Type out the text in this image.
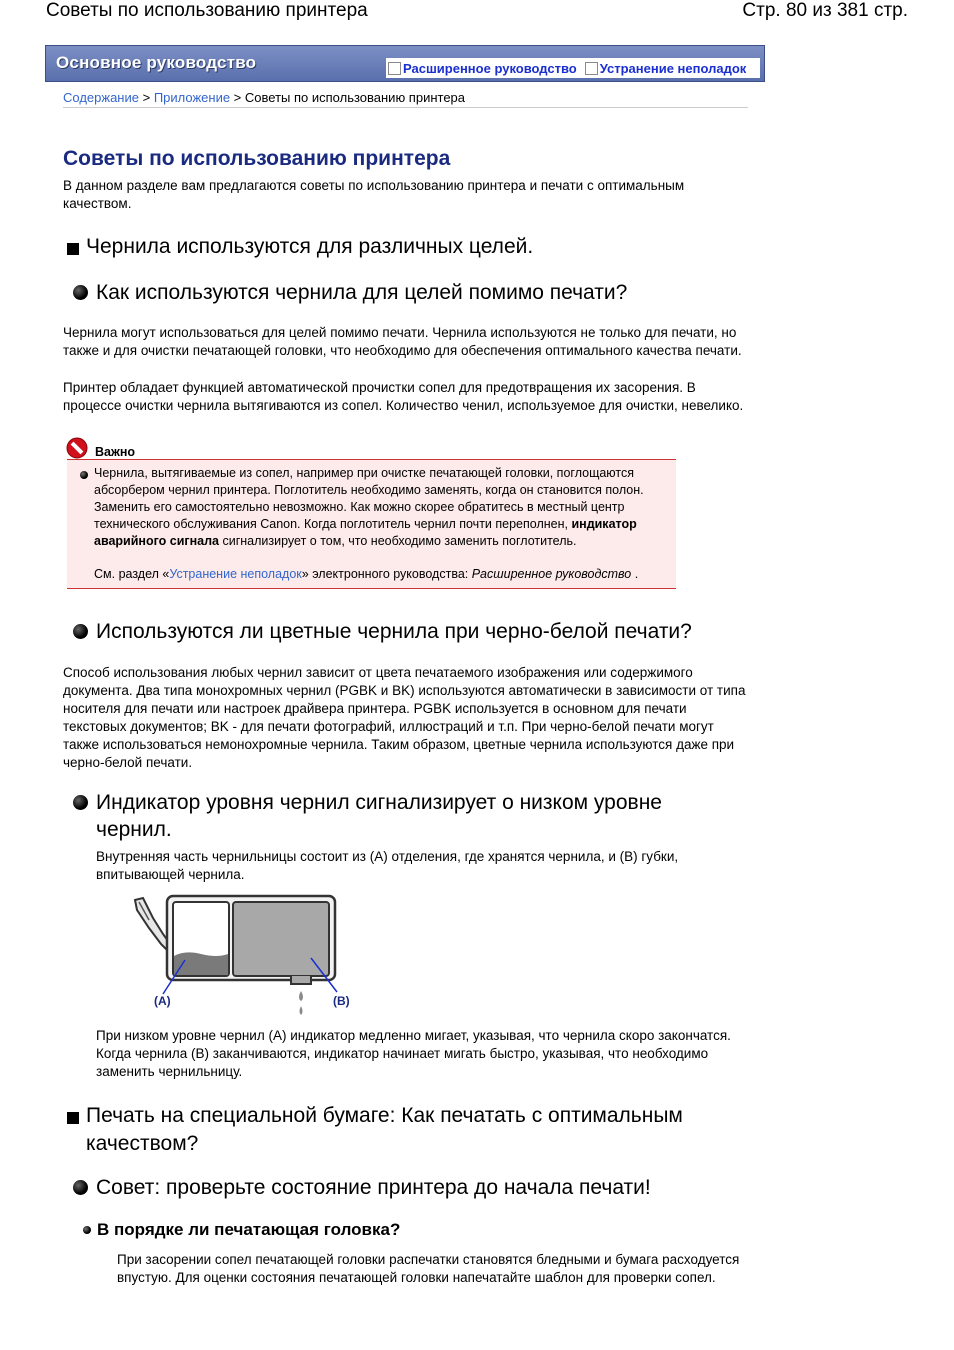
Советы по использованию принтера	Стр. 80 из 381 стр.
Основное руководство	Расширенное руководство Устранение неполадок
Содержание > Приложение > Советы по использованию принтера
Советы по использованию принтера
В данном разделе вам предлагаются советы по использованию принтера и печати с оптимальным качеством.
Чернила используются для различных целей.
Как используются чернила для целей помимо печати?
Чернила могут использоваться для целей помимо печати. Чернила используются не только для печати, но также и для очистки печатающей головки, что необходимо для обеспечения оптимального качества печати.
Принтер обладает функцией автоматической прочистки сопел для предотвращения их засорения. В процессе очистки чернила вытягиваются из сопел. Количество ченил, используемое для очистки, невелико.
Важно
Чернила, вытягиваемые из сопел, например при очистке печатающей головки, поглощаются абсорбером чернил принтера. Поглотитель необходимо заменять, когда он становится полон. Заменить его самостоятельно невозможно. Как можно скорее обратитесь в местный центр технического обслуживания Canon. Когда поглотитель чернил почти переполнен, индикатор аварийного сигнала сигнализирует о том, что необходимо заменить поглотитель.
См. раздел «Устранение неполадок» электронного руководства: Расширенное руководство .
Используются ли цветные чернила при черно-белой печати?
Способ использования любых чернил зависит от цвета печатаемого изображения или содержимого документа. Два типа монохромных чернил (PGBK и BK) используются автоматически в зависимости от типа носителя для печати или настроек драйвера принтера. PGBK используется в основном для печати текстовых документов; BK - для печати фотографий, иллюстраций и т.п. При черно-белой печати могут также использоваться немонохромные чернила. Таким образом, цветные чернила используются даже при черно-белой печати.
Индикатор уровня чернил сигнализирует о низком уровне чернил.
Внутренняя часть чернильницы состоит из (A) отделения, где хранятся чернила, и (B) губки, впитывающей чернила.
(A)	(B)
При низком уровне чернил (A) индикатор медленно мигает, указывая, что чернила скоро закончатся. Когда чернила (B) заканчиваются, индикатор начинает мигать быстро, указывая, что необходимо заменить чернильницу.
Печать на специальной бумаге: Как печатать с оптимальным качеством?
Совет: проверьте состояние принтера до начала печати!
В порядке ли печатающая головка?
При засорении сопел печатающей головки распечатки становятся бледными и бумага расходуется впустую. Для оценки состояния печатающей головки напечатайте шаблон для проверки сопел.
